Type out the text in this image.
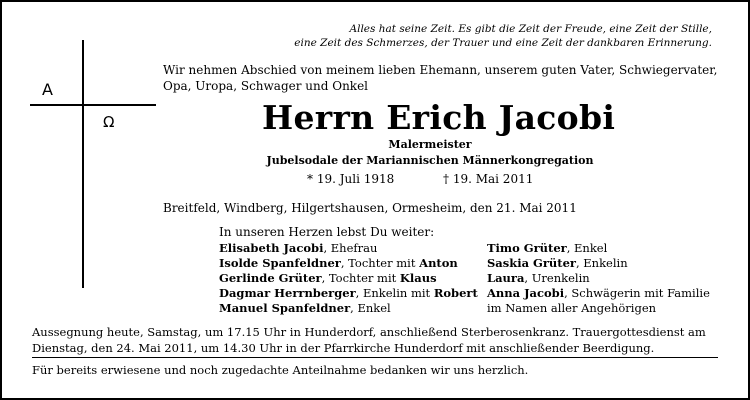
A
Ω
Alles hat seine Zeit. Es gibt die Zeit der Freude, eine Zeit der Stille,
eine Zeit des Schmerzes, der Trauer und eine Zeit der dankbaren Erinnerung.
Wir nehmen Abschied von meinem lieben Ehemann, unserem guten Vater, Schwiegervater,
Opa, Uropa, Schwager und Onkel
Herrn Erich Jacobi
Malermeister
Jubelsodale der Mariannischen Männerkongregation
* 19. Juli 1918	† 19. Mai 2011
Breitfeld, Windberg, Hilgertshausen, Ormesheim, den 21. Mai 2011
In unseren Herzen lebst Du weiter:
Elisabeth Jacobi, Ehefrau
Isolde Spanfeldner, Tochter mit Anton
Gerlinde Grüter, Tochter mit Klaus
Dagmar Herrnberger, Enkelin mit Robert
Manuel Spanfeldner, Enkel
Timo Grüter, Enkel
Saskia Grüter, Enkelin
Laura, Urenkelin
Anna Jacobi, Schwägerin mit Familie
im Namen aller Angehörigen
Aussegnung heute, Samstag, um 17.15 Uhr in Hunderdorf, anschließend Sterberosenkranz. Trauergottesdienst am
Dienstag, den 24. Mai 2011, um 14.30 Uhr in der Pfarrkirche Hunderdorf mit anschließender Beerdigung.
Für bereits erwiesene und noch zugedachte Anteilnahme bedanken wir uns herzlich.
